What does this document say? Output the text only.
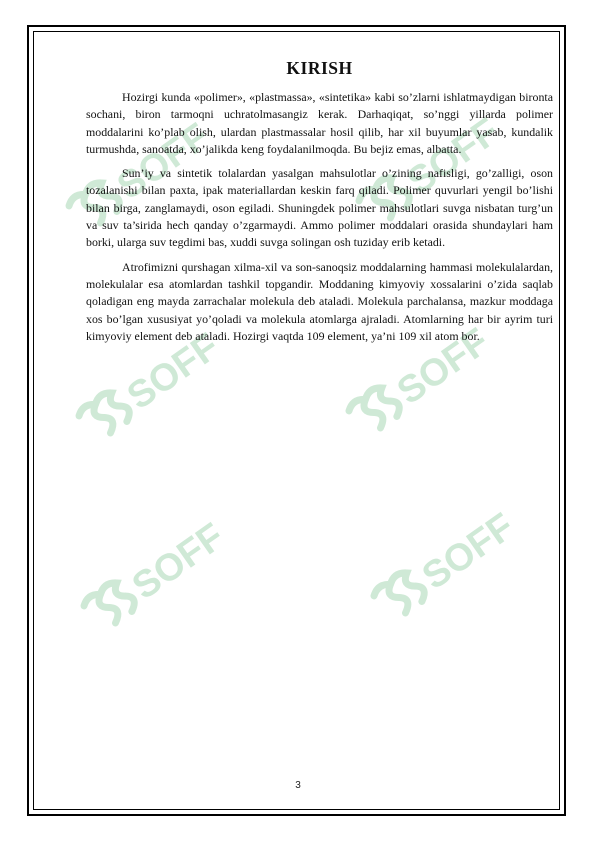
SOFF	SOFF
SOFF	SOFF
SOFF	SOFF
KIRISH

Hozirgi kunda «polimer», «plastmassa», «sintetika» kabi so’zlarni ishlatmaydigan bironta sochani, biron tarmoqni uchratolmasangiz kerak. Darhaqiqat, so’nggi yillarda polimer moddalarini ko’plab olish, ulardan plastmassalar hosil qilib, har xil buyumlar yasab, kundalik turmushda, sanoatda, xo’jalikda keng foydalanilmoqda. Bu bejiz emas, albatta.

Sun’iy va sintetik tolalardan yasalgan mahsulotlar o’zining nafisligi, go’zalligi, oson tozalanishi bilan paxta, ipak materiallardan keskin farq qiladi. Polimer quvurlari yengil bo’lishi bilan birga, zanglamaydi, oson egiladi. Shuningdek polimer mahsulotlari suvga nisbatan turg’un va suv ta’sirida hech qanday o’zgarmaydi. Ammo polimer moddalari orasida shundaylari ham borki, ularga suv tegdimi bas, xuddi suvga solingan osh tuziday erib ketadi.

Atrofimizni qurshagan xilma-xil va son-sanoqsiz moddalarning hammasi molekulalardan, molekulalar esa atomlardan tashkil topgandir. Moddaning kimyoviy xossalarini o’zida saqlab qoladigan eng mayda zarrachalar molekula deb ataladi. Molekula parchalansa, mazkur moddaga xos bo’lgan xususiyat yo’qoladi va molekula atomlarga ajraladi. Atomlarning har bir ayrim turi kimyoviy element deb ataladi. Hozirgi vaqtda 109 element, ya’ni 109 xil atom bor.

3
